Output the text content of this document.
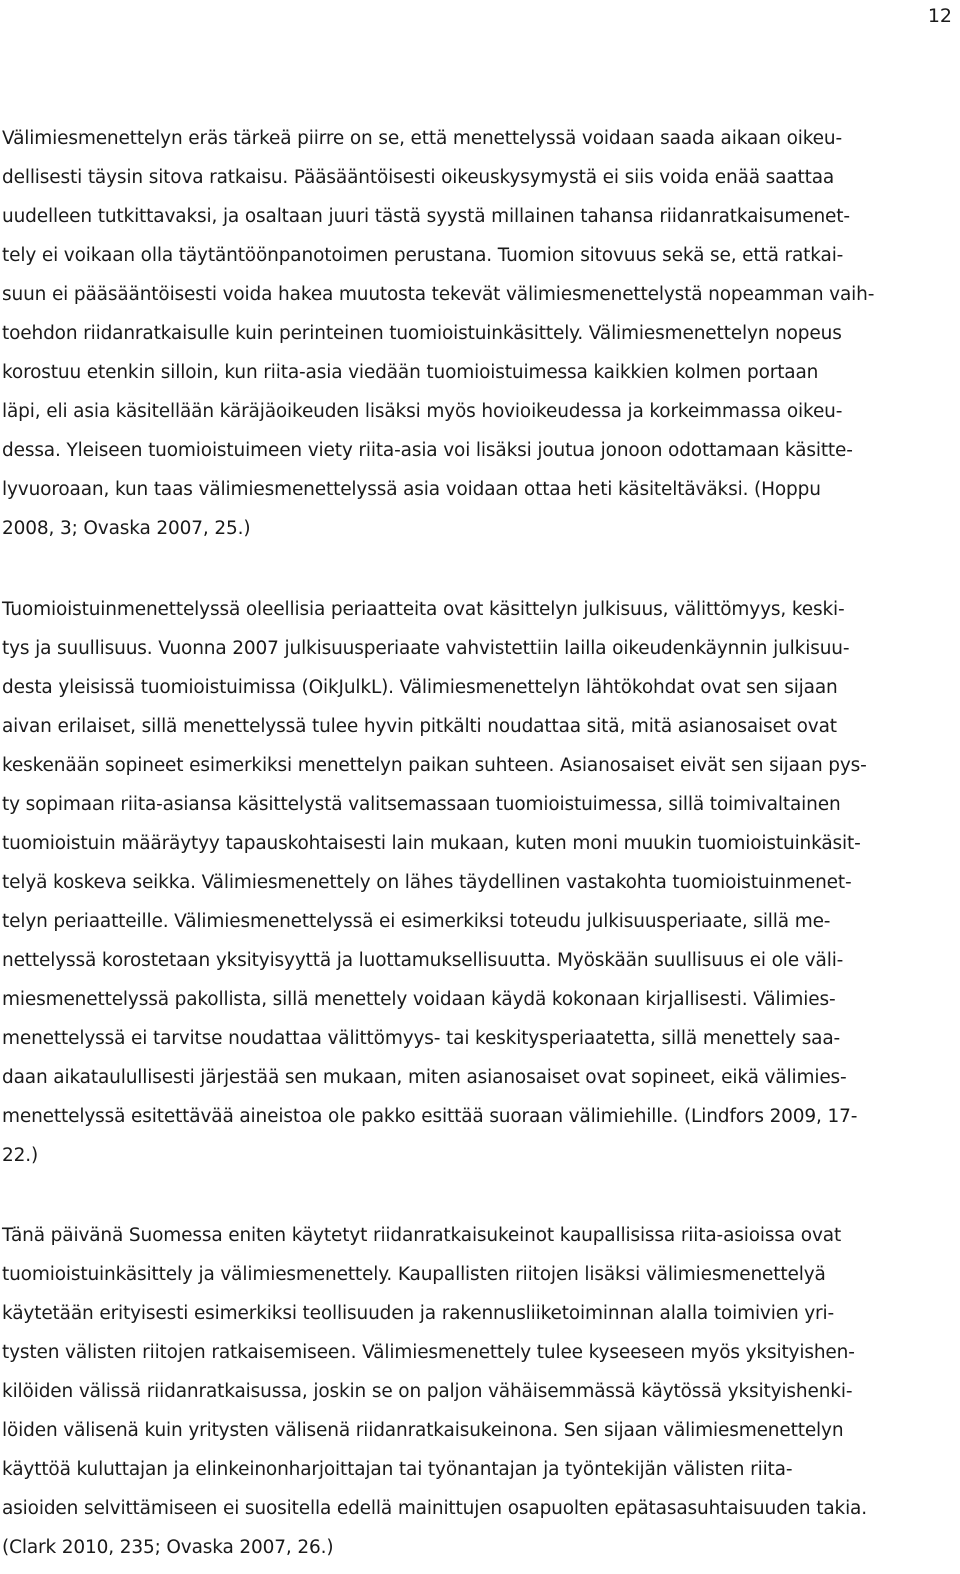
12
Välimiesmenettelyn eräs tärkeä piirre on se, että menettelyssä voidaan saada aikaan oikeu-
dellisesti täysin sitova ratkaisu. Pääsääntöisesti oikeuskysymystä ei siis voida enää saattaa
uudelleen tutkittavaksi, ja osaltaan juuri tästä syystä millainen tahansa riidanratkaisumenet-
tely ei voikaan olla täytäntöönpanotoimen perustana. Tuomion sitovuus sekä se, että ratkai-
suun ei pääsääntöisesti voida hakea muutosta tekevät välimiesmenettelystä nopeamman vaih-
toehdon riidanratkaisulle kuin perinteinen tuomioistuinkäsittely. Välimiesmenettelyn nopeus
korostuu etenkin silloin, kun riita-asia viedään tuomioistuimessa kaikkien kolmen portaan
läpi, eli asia käsitellään käräjäoikeuden lisäksi myös hovioikeudessa ja korkeimmassa oikeu-
dessa. Yleiseen tuomioistuimeen viety riita-asia voi lisäksi joutua jonoon odottamaan käsitte-
lyvuoroaan, kun taas välimiesmenettelyssä asia voidaan ottaa heti käsiteltäväksi. (Hoppu
2008, 3; Ovaska 2007, 25.)
Tuomioistuinmenettelyssä oleellisia periaatteita ovat käsittelyn julkisuus, välittömyys, keski-
tys ja suullisuus. Vuonna 2007 julkisuusperiaate vahvistettiin lailla oikeudenkäynnin julkisuu-
desta yleisissä tuomioistuimissa (OikJulkL). Välimiesmenettelyn lähtökohdat ovat sen sijaan
aivan erilaiset, sillä menettelyssä tulee hyvin pitkälti noudattaa sitä, mitä asianosaiset ovat
keskenään sopineet esimerkiksi menettelyn paikan suhteen. Asianosaiset eivät sen sijaan pys-
ty sopimaan riita-asiansa käsittelystä valitsemassaan tuomioistuimessa, sillä toimivaltainen
tuomioistuin määräytyy tapauskohtaisesti lain mukaan, kuten moni muukin tuomioistuinkäsit-
telyä koskeva seikka. Välimiesmenettely on lähes täydellinen vastakohta tuomioistuinmenet-
telyn periaatteille. Välimiesmenettelyssä ei esimerkiksi toteudu julkisuusperiaate, sillä me-
nettelyssä korostetaan yksityisyyttä ja luottamuksellisuutta. Myöskään suullisuus ei ole väli-
miesmenettelyssä pakollista, sillä menettely voidaan käydä kokonaan kirjallisesti. Välimies-
menettelyssä ei tarvitse noudattaa välittömyys- tai keskitysperiaatetta, sillä menettely saa-
daan aikataulullisesti järjestää sen mukaan, miten asianosaiset ovat sopineet, eikä välimies-
menettelyssä esitettävää aineistoa ole pakko esittää suoraan välimiehille. (Lindfors 2009, 17-
22.)
Tänä päivänä Suomessa eniten käytetyt riidanratkaisukeinot kaupallisissa riita-asioissa ovat
tuomioistuinkäsittely ja välimiesmenettely. Kaupallisten riitojen lisäksi välimiesmenettelyä
käytetään erityisesti esimerkiksi teollisuuden ja rakennusliiketoiminnan alalla toimivien yri-
tysten välisten riitojen ratkaisemiseen. Välimiesmenettely tulee kyseeseen myös yksityishen-
kilöiden välissä riidanratkaisussa, joskin se on paljon vähäisemmässä käytössä yksityishenki-
löiden välisenä kuin yritysten välisenä riidanratkaisukeinona. Sen sijaan välimiesmenettelyn
käyttöä kuluttajan ja elinkeinonharjoittajan tai työnantajan ja työntekijän välisten riita-
asioiden selvittämiseen ei suositella edellä mainittujen osapuolten epätasasuhtaisuuden takia.
(Clark 2010, 235; Ovaska 2007, 26.)
